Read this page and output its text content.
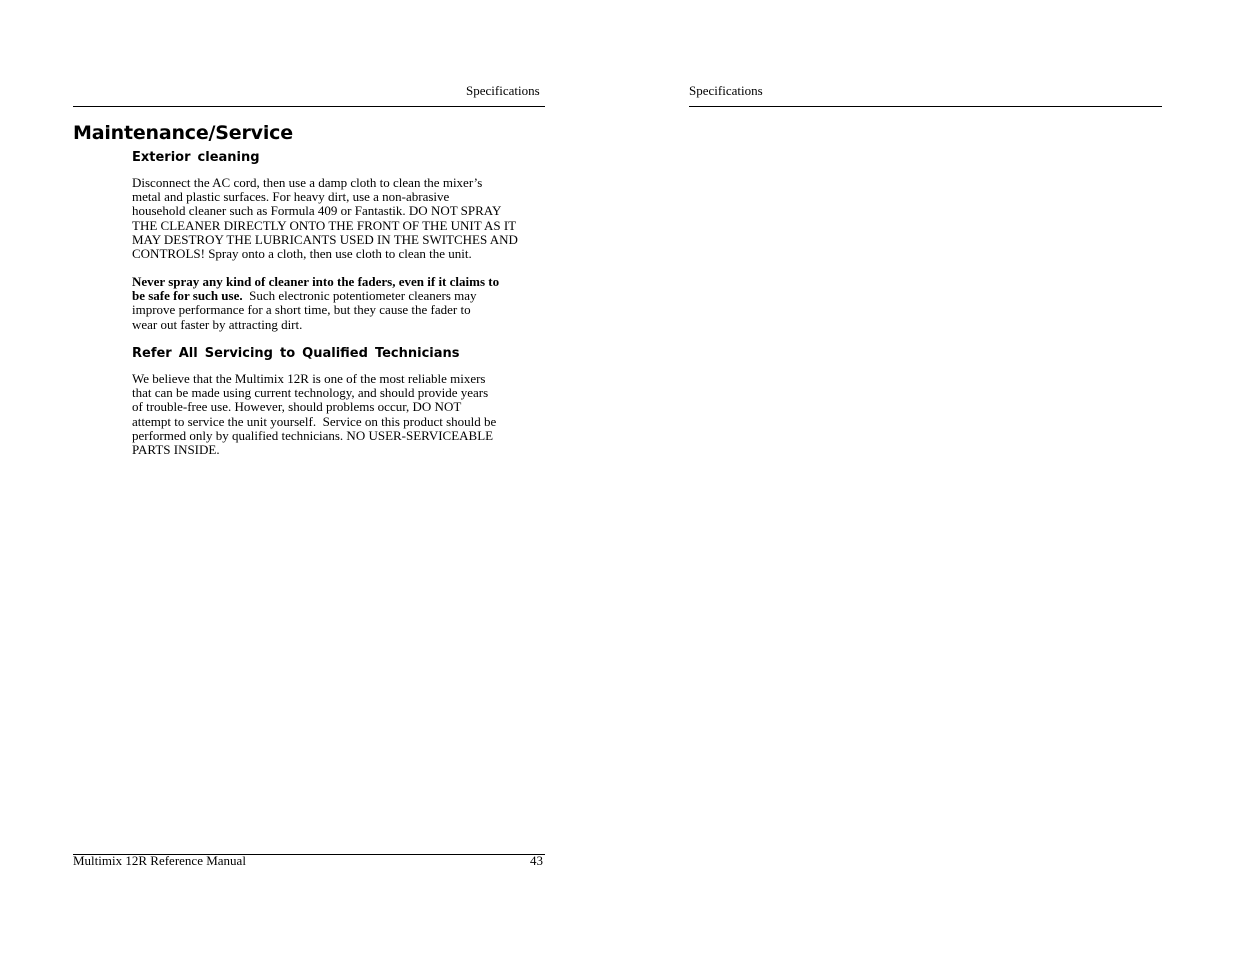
Specifications
Maintenance/Service
Exterior cleaning
Disconnect the AC cord, then use a damp cloth to clean the mixer’s
metal and plastic surfaces. For heavy dirt, use a non-abrasive
household cleaner such as Formula 409 or Fantastik. DO NOT SPRAY
THE CLEANER DIRECTLY ONTO THE FRONT OF THE UNIT AS IT
MAY DESTROY THE LUBRICANTS USED IN THE SWITCHES AND
CONTROLS! Spray onto a cloth, then use cloth to clean the unit.
Never spray any kind of cleaner into the faders, even if it claims to
be safe for such use.  Such electronic potentiometer cleaners may
improve performance for a short time, but they cause the fader to
wear out faster by attracting dirt.
Refer All Servicing to Qualified Technicians
We believe that the Multimix 12R is one of the most reliable mixers
that can be made using current technology, and should provide years
of trouble-free use. However, should problems occur, DO NOT
attempt to service the unit yourself.  Service on this product should be
performed only by qualified technicians. NO USER-SERVICEABLE
PARTS INSIDE.
Multimix 12R Reference Manual	43
Specifications
